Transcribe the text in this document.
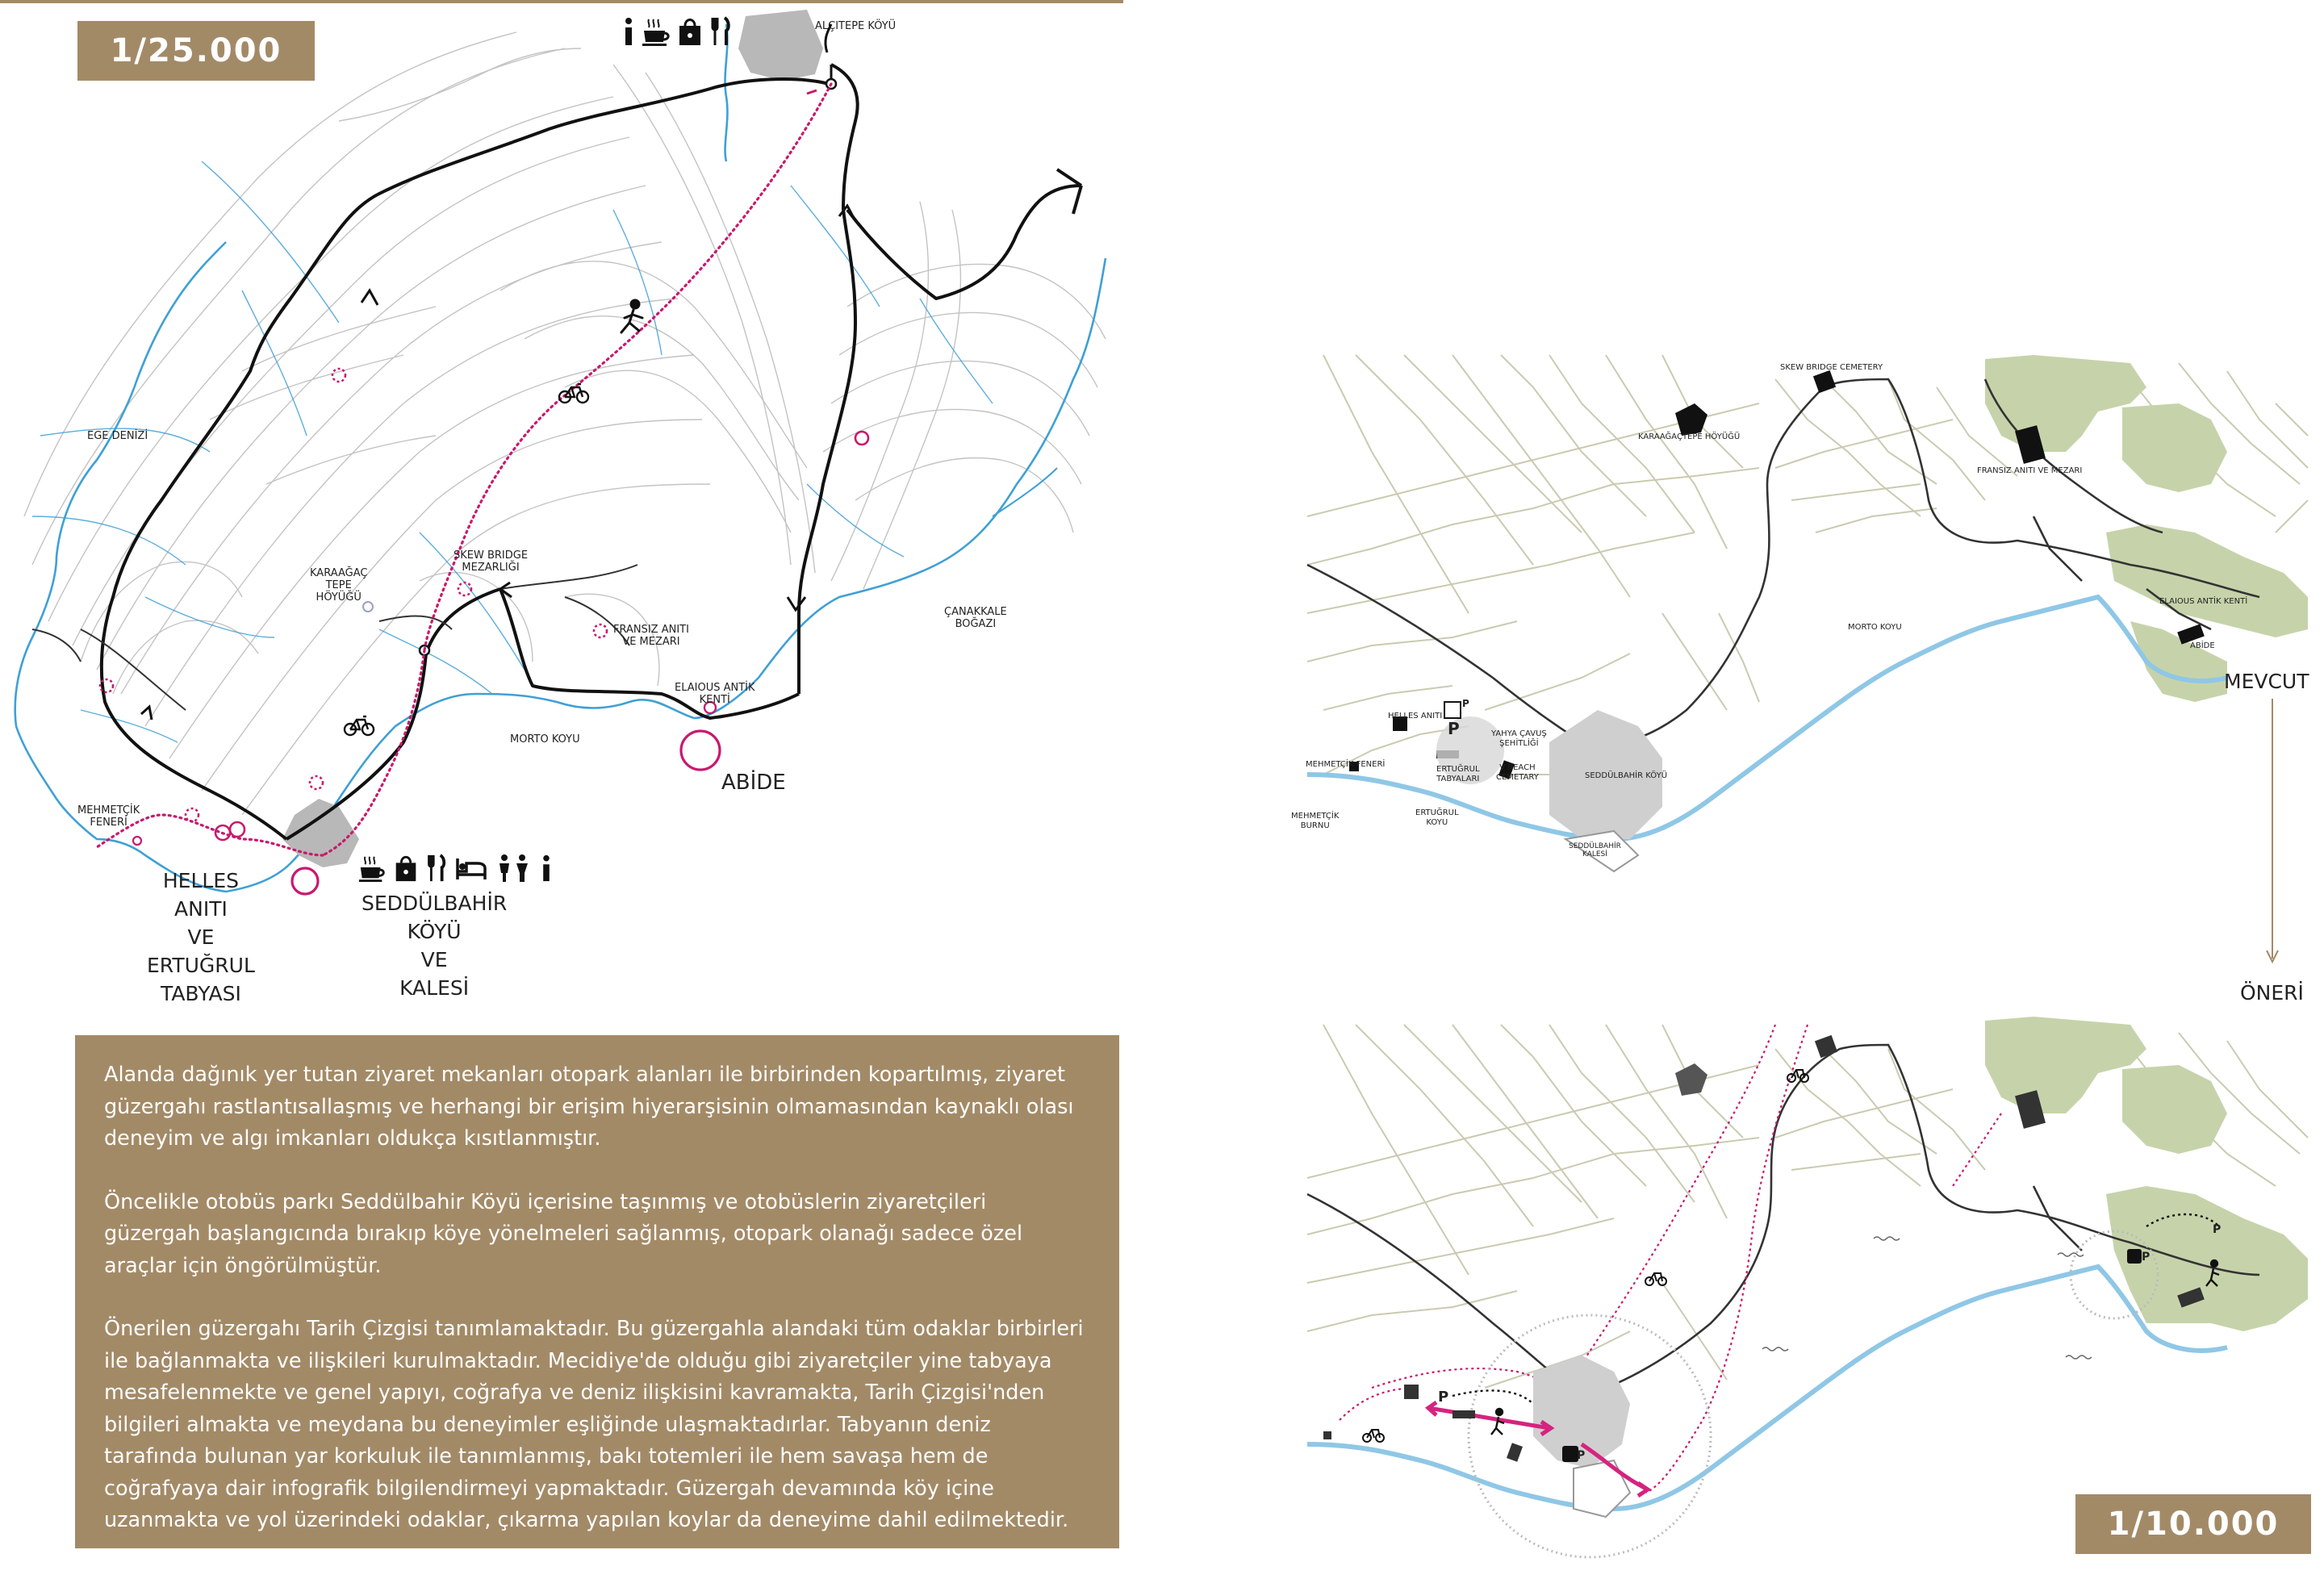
ALÇITEPE KÖYÜ
EGE DENİZİ
ÇANAKKALE
BOĞAZI
KARAAĞAÇ
TEPE
HÖYÜĞÜ
SKEW BRIDGE
MEZARLIĞI
FRANSIZ ANITI
VE MEZARI
ELAIOUS ANTİK
KENTİ
MORTO KOYU
ABİDE
MEHMETÇİK
FENERİ
HELLES
ANITI
VE
ERTUĞRUL
TABYASI
SEDDÜLBAHİR
KÖYÜ
VE
KALESİ
1/25.000
SKEW BRIDGE CEMETERY
KARAAĞAÇTEPE HÖYÜĞÜ
FRANSIZ ANITI VE MEZARI
ELAIOUS ANTİK KENTİ
ABİDE
MORTO KOYU
HELLES ANITI
YAHYA ÇAVUŞ
ŞEHİTLİĞİ
V BEACH
CEMETARY
ERTUĞRUL
TABYALARI	SEDDÜLBAHİR KÖYÜ
MEHMETÇİK FENERİ
MEHMETÇİK
BURNU
ERTUĞRUL
KOYU
SEDDÜLBAHİR
KALESİ
P
P
MEVCUT
ÖNERİ
P
P
P
P
1/10.000

Alanda dağınık yer tutan ziyaret mekanları otopark alanları ile birbirinden kopartılmış, ziyaret güzergahı rastlantısallaşmış ve herhangi bir erişim hiyerarşisinin olmamasından kaynaklı olası deneyim ve algı imkanları oldukça kısıtlanmıştır.

Öncelikle otobüs parkı Seddülbahir Köyü içerisine taşınmış ve otobüslerin ziyaretçileri güzergah başlangıcında bırakıp köye yönelmeleri sağlanmış, otopark olanağı sadece özel araçlar için öngörülmüştür.

Önerilen güzergahı Tarih Çizgisi tanımlamaktadır. Bu güzergahla alandaki tüm odaklar birbirleri ile bağlanmakta ve ilişkileri kurulmaktadır. Mecidiye'de olduğu gibi ziyaretçiler yine tabyaya mesafelenmekte ve genel yapıyı, coğrafya ve deniz ilişkisini kavramakta, Tarih Çizgisi'nden bilgileri almakta ve meydana bu deneyimler eşliğinde ulaşmaktadırlar. Tabyanın deniz tarafında bulunan yar korkuluk ile tanımlanmış, bakı totemleri ile hem savaşa hem de coğrafyaya dair infografik bilgilendirmeyi yapmaktadır. Güzergah devamında köy içine uzanmakta ve yol üzerindeki odaklar, çıkarma yapılan koylar da deneyime dahil edilmektedir.
